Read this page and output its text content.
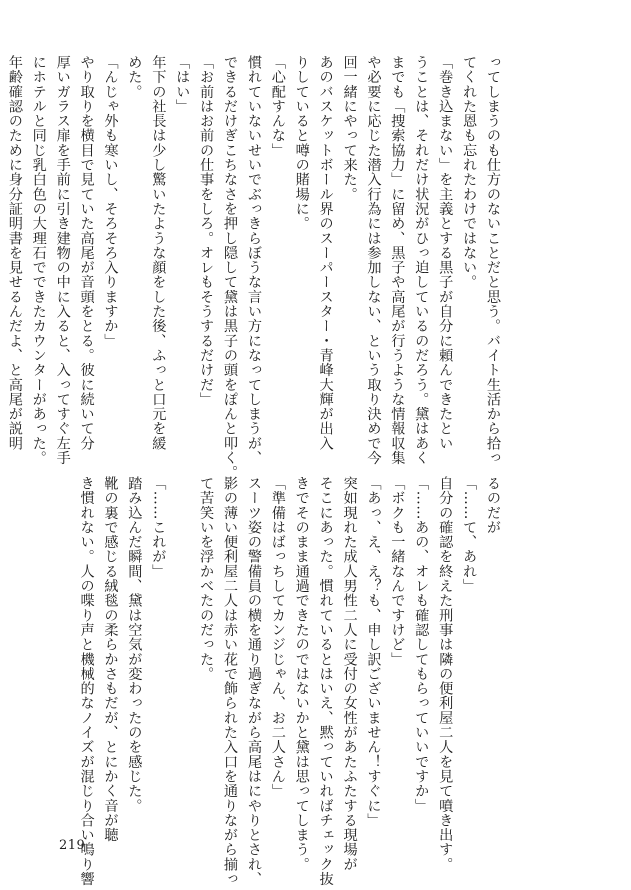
ってしまうのも仕方のないことだと思う。バイト生活から拾っ

てくれた恩も忘れたわけではない。

「巻き込まない」を主義とする黒子が自分に頼んできたとい

うことは、それだけ状況がひっ迫しているのだろう。黛はあく

までも「捜索協力」に留め、黒子や高尾が行うような情報収集

や必要に応じた潜入行為には参加しない、という取り決めで今

回一緒にやって来た。

あのバスケットボール界のスーパースター・青峰大輝が出入

りしていると噂の賭場に。

「心配すんな」

慣れていないせいでぶっきらぼうな言い方になってしまうが、

できるだけぎこちなさを押し隠して黛は黒子の頭をぽんと叩く。

「お前はお前の仕事をしろ。オレもそうするだけだ」

「はい」

年下の社長は少し驚いたような顔をした後、ふっと口元を緩

めた。

「んじゃ外も寒いし、そろそろ入りますか」

やり取りを横目で見ていた高尾が音頭をとる。彼に続いて分

厚いガラス扉を手前に引き建物の中に入ると、入ってすぐ左手

にホテルと同じ乳白色の大理石でできたカウンターがあった。

年齢確認のために身分証明書を見せるんだよ、と高尾が説明

るのだが

「……て、あれ」

自分の確認を終えた刑事は隣の便利屋二人を見て噴き出す。

「……あの、オレも確認してもらっていいですか」

「ボクも一緒なんですけど」

「あっ、え、え？も、申し訳ございません！すぐに」

突如現れた成人男性二人に受付の女性があたふたする現場が

そこにあった。慣れているとはいえ、黙っていればチェック抜

きでそのまま通過できたのではないかと黛は思ってしまう。

「準備はばっちしてカンジじゃん、お二人さん」

スーツ姿の警備員の横を通り過ぎながら高尾はにやりとされ、

影の薄い便利屋二人は赤い花で飾られた入口を通りながら揃っ

て苦笑いを浮かべたのだった。

「……これが」

踏み込んだ瞬間、黛は空気が変わったのを感じた。

靴の裏で感じる絨毯の柔らかさもだが、とにかく音が聴

き慣れない。人の喋り声と機械的なノイズが混じり合い鳴り響

219
